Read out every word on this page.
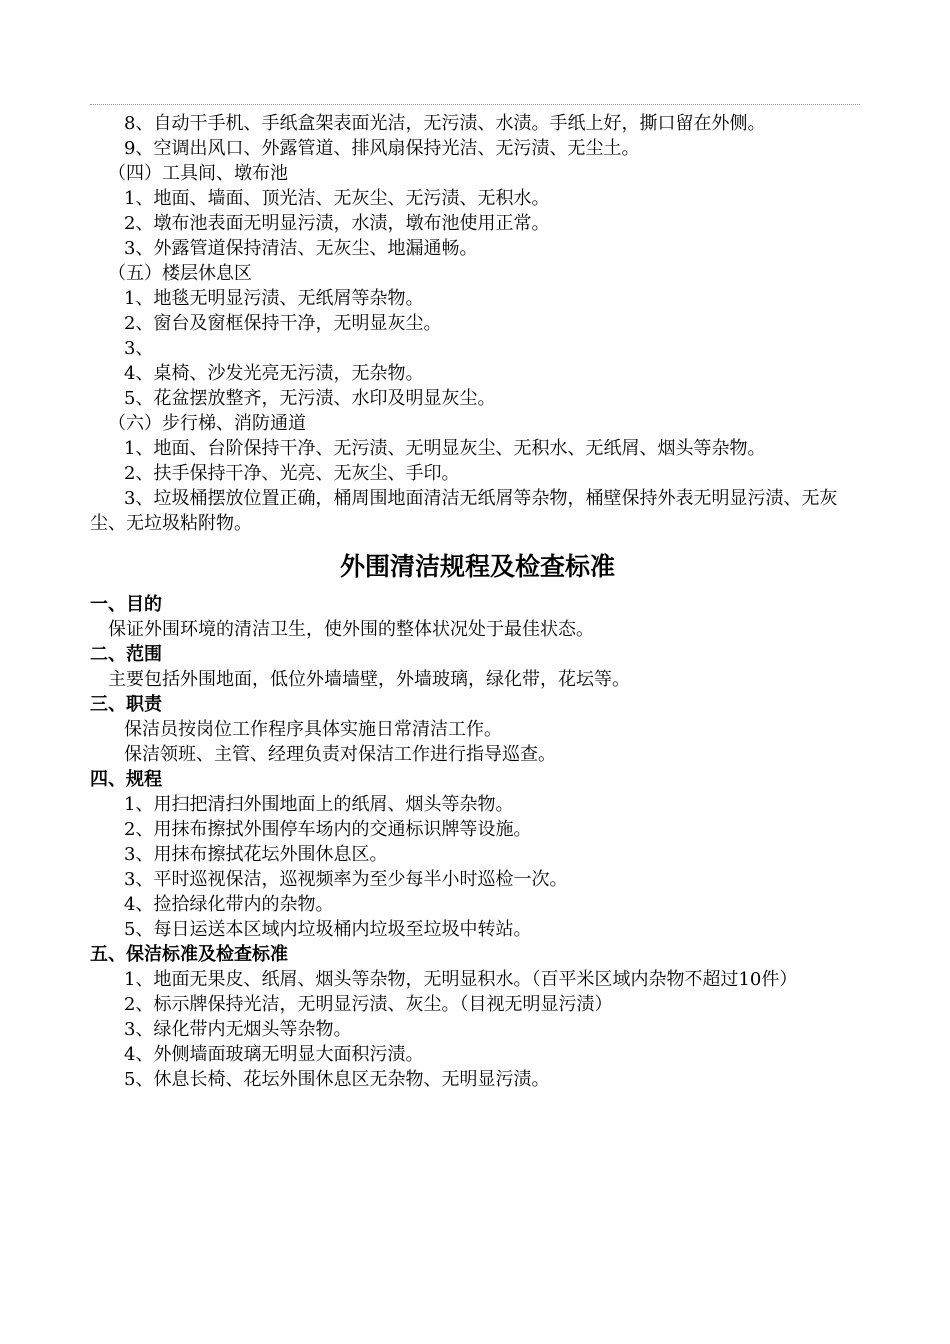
8、自动干手机、手纸盒架表面光洁，无污渍、水渍。手纸上好，撕口留在外侧。
9、空调出风口、外露管道、排风扇保持光洁、无污渍、无尘土。
（四）工具间、墩布池
1、地面、墙面、顶光洁、无灰尘、无污渍、无积水。
2、墩布池表面无明显污渍，水渍，墩布池使用正常。
3、外露管道保持清洁、无灰尘、地漏通畅。
（五）楼层休息区
1、地毯无明显污渍、无纸屑等杂物。
2、窗台及窗框保持干净，无明显灰尘。
3、
4、桌椅、沙发光亮无污渍，无杂物。
5、花盆摆放整齐，无污渍、水印及明显灰尘。
（六）步行梯、消防通道
1、地面、台阶保持干净、无污渍、无明显灰尘、无积水、无纸屑、烟头等杂物。
2、扶手保持干净、光亮、无灰尘、手印。
3、垃圾桶摆放位置正确，桶周围地面清洁无纸屑等杂物，桶壁保持外表无明显污渍、无灰尘、无垃圾粘附物。
外围清洁规程及检查标准
一、目的
保证外围环境的清洁卫生，使外围的整体状况处于最佳状态。
二、范围
主要包括外围地面，低位外墙墙壁，外墙玻璃，绿化带，花坛等。
三、职责
保洁员按岗位工作程序具体实施日常清洁工作。
保洁领班、主管、经理负责对保洁工作进行指导巡查。
四、规程
1、用扫把清扫外围地面上的纸屑、烟头等杂物。
2、用抹布擦拭外围停车场内的交通标识牌等设施。
3、用抹布擦拭花坛外围休息区。
3、平时巡视保洁，巡视频率为至少每半小时巡检一次。
4、捡拾绿化带内的杂物。
5、每日运送本区域内垃圾桶内垃圾至垃圾中转站。
五、保洁标准及检查标准
1、地面无果皮、纸屑、烟头等杂物，无明显积水。（百平米区域内杂物不超过10件）
2、标示牌保持光洁，无明显污渍、灰尘。（目视无明显污渍）
3、绿化带内无烟头等杂物。
4、外侧墙面玻璃无明显大面积污渍。
5、休息长椅、花坛外围休息区无杂物、无明显污渍。
